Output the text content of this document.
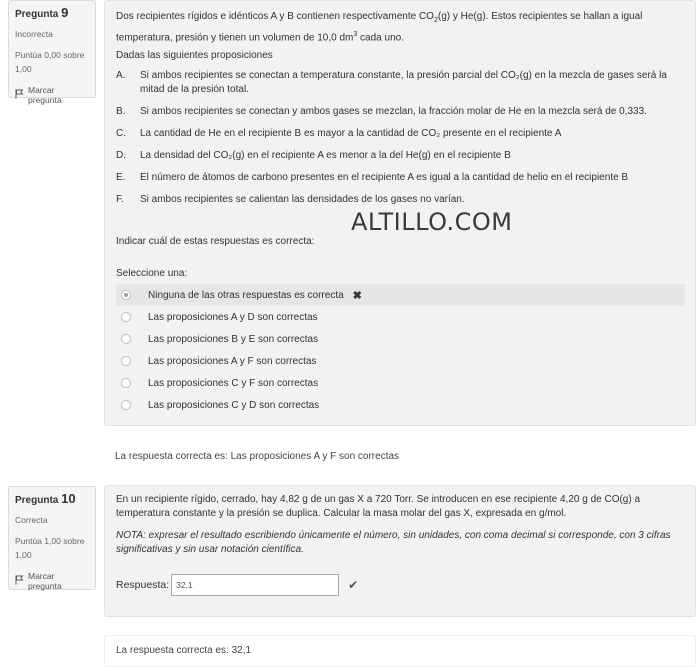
Pregunta 9
Incorrecta
Puntúa 0,00 sobre 1,00
Marcar pregunta
Dos recipientes rígidos e idénticos A y B contienen respectivamente $CO_2(g)$ y He(g). Estos recipientes se hallan a igual temperatura, presión y tienen un volumen de 10,0 $dm^3$ cada uno.
Dadas las siguientes proposiciones
A.	Si ambos recipientes se conectan a temperatura constante, la presión parcial del CO₂(g) en la mezcla de gases será la mitad de la presión total.
B.	Si ambos recipientes se conectan y ambos gases se mezclan, la fracción molar de He en la mezcla será de 0,333.
C.	La cantidad de He en el recipiente B es mayor a la cantidad de CO₂ presente en el recipiente A
D.	La densidad del CO₂(g) en el recipiente A es menor a la del He(g) en el recipiente B
E.	El número de átomos de carbono presentes en el recipiente A es igual a la cantidad de helio en el recipiente B
F.	Si ambos recipientes se calientan las densidades de los gases no varían.
Indicar cuál de estas respuestas es correcta:
Seleccione una:
Ninguna de las otras respuestas es correcta ✖
Las proposiciones A y D son correctas
Las proposiciones B y E son correctas
Las proposiciones A y F son correctas
Las proposiciones C y F son correctas
Las proposiciones C y D son correctas
ALTILLO.COM
La respuesta correcta es: Las proposiciones A y F son correctas
Pregunta 10
Correcta
Puntúa 1,00 sobre 1,00
Marcar pregunta
En un recipiente rígido, cerrado, hay 4,82 g de un gas X a 720 Torr. Se introducen en ese recipiente 4,20 g de CO(g) a temperatura constante y la presión se duplica. Calcular la masa molar del gas X, expresada en g/mol.
NOTA: expresar el resultado escribiendo únicamente el número, sin unidades, con coma decimal si corresponde, con 3 cifras significativas y sin usar notación científica.
Respuesta:
32,1	✔
La respuesta correcta es: 32,1
